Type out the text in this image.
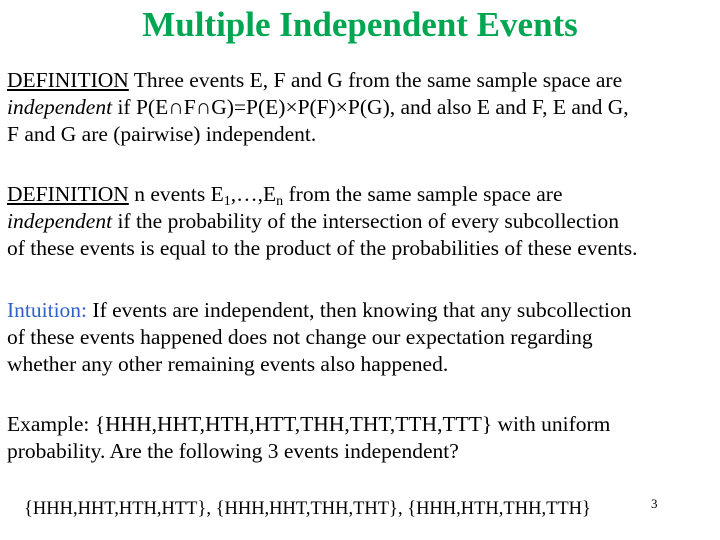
Multiple Independent Events
DEFINITION Three events E, F and G from the same sample space are
independent if P(E∩F∩G)=P(E)×P(F)×P(G), and also E and F, E and G,
F and G are (pairwise) independent.
DEFINITION n events $E_1,\dots,E_n$ from the same sample space are
independent if the probability of the intersection of every subcollection
of these events is equal to the product of the probabilities of these events.
Intuition: If events are independent, then knowing that any subcollection
of these events happened does not change our expectation regarding
whether any other remaining events also happened.
Example: {HHH,HHT,HTH,HTT,THH,THT,TTH,TTT} with uniform
probability. Are the following 3 events independent?
{HHH,HHT,HTH,HTT}, {HHH,HHT,THH,THT}, {HHH,HTH,THH,TTH}	3
